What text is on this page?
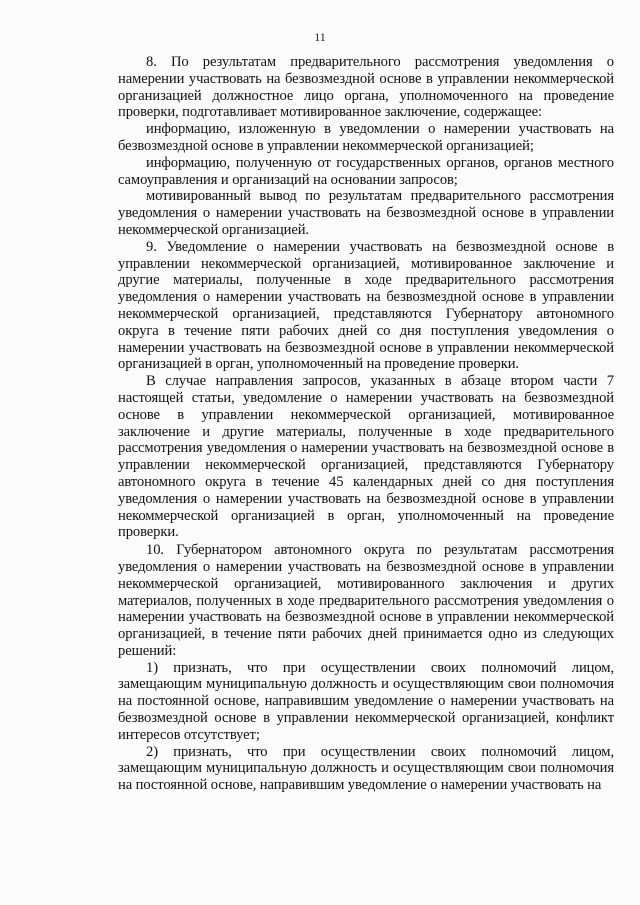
11

8. По результатам предварительного рассмотрения уведомления о намерении участвовать на безвозмездной основе в управлении некоммерческой организацией должностное лицо органа, уполномоченного на проведение проверки, подготавливает мотивированное заключение, содержащее:

информацию, изложенную в уведомлении о намерении участвовать на безвозмездной основе в управлении некоммерческой организацией;

информацию, полученную от государственных органов, органов местного самоуправления и организаций на основании запросов;

мотивированный вывод по результатам предварительного рассмотрения уведомления о намерении участвовать на безвозмездной основе в управлении некоммерческой организацией.

9. Уведомление о намерении участвовать на безвозмездной основе в управлении некоммерческой организацией, мотивированное заключение и другие материалы, полученные в ходе предварительного рассмотрения уведомления о намерении участвовать на безвозмездной основе в управлении некоммерческой организацией, представляются Губернатору автономного округа в течение пяти рабочих дней со дня поступления уведомления о намерении участвовать на безвозмездной основе в управлении некоммерческой организацией в орган, уполномоченный на проведение проверки.

В случае направления запросов, указанных в абзаце втором части 7 настоящей статьи, уведомление о намерении участвовать на безвозмездной основе в управлении некоммерческой организацией, мотивированное заключение и другие материалы, полученные в ходе предварительного рассмотрения уведомления о намерении участвовать на безвозмездной основе в управлении некоммерческой организацией, представляются Губернатору автономного округа в течение 45 календарных дней со дня поступления уведомления о намерении участвовать на безвозмездной основе в управлении некоммерческой организацией в орган, уполномоченный на проведение проверки.

10. Губернатором автономного округа по результатам рассмотрения уведомления о намерении участвовать на безвозмездной основе в управлении некоммерческой организацией, мотивированного заключения и других материалов, полученных в ходе предварительного рассмотрения уведомления о намерении участвовать на безвозмездной основе в управлении некоммерческой организацией, в течение пяти рабочих дней принимается одно из следующих решений:

1) признать, что при осуществлении своих полномочий лицом, замещающим муниципальную должность и осуществляющим свои полномочия на постоянной основе, направившим уведомление о намерении участвовать на безвозмездной основе в управлении некоммерческой организацией, конфликт интересов отсутствует;

2) признать, что при осуществлении своих полномочий лицом, замещающим муниципальную должность и осуществляющим свои полномочия на постоянной основе, направившим уведомление о намерении участвовать на
